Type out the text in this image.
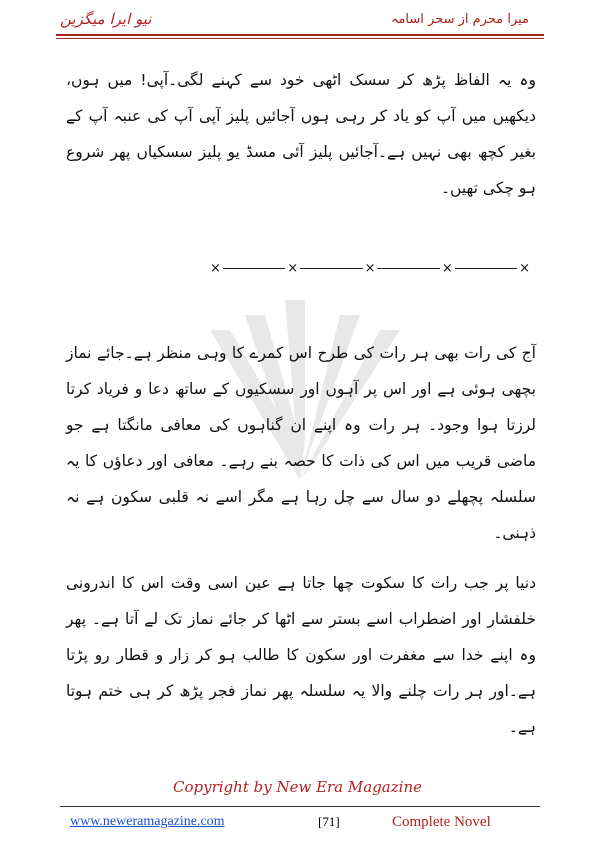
نیو ایرا میگزین	میرا محرم از سحر اسامہ
وہ یہ الفاظ پڑھ کر سسک اٹھی خود سے کہنے لگی۔آپی! میں ہوں، دیکھیں میں آپ کو یاد کر رہی ہوں آجائیں پلیز آپی آپ کی عنبہ آپ کے بغیر کچھ بھی نہیں ہے۔آجائیں پلیز آئی مسڈ یو پلیز سسکیاں پھر شروع ہو چکی تھیں۔
×	×	×	×	×
آج کی رات بھی ہر رات کی طرح اس کمرے کا وہی منظر ہے۔جائے نماز بچھی ہوئی ہے اور اس پر آہوں اور سسکیوں کے ساتھ دعا و فریاد کرتا لرزتا ہوا وجود۔ ہر رات وہ اپنے ان گناہوں کی معافی مانگتا ہے جو ماضی قریب میں اس کی ذات کا حصہ بنے رہے۔ معافی اور دعاؤں کا یہ سلسلہ پچھلے دو سال سے چل رہا ہے مگر اسے نہ قلبی سکون ہے نہ ذہنی۔
دنیا پر جب رات کا سکوت چھا جاتا ہے عین اسی وقت اس کا اندرونی خلفشار اور اضطراب اسے بستر سے اٹھا کر جائے نماز تک لے آتا ہے۔ پھر وہ اپنے خدا سے مغفرت اور سکون کا طالب ہو کر زار و قطار رو پڑتا ہے۔اور ہر رات چلنے والا یہ سلسلہ پھر نماز فجر پڑھ کر ہی ختم ہوتا ہے۔
Copyright by New Era Magazine
www.neweramagazine.com	[71]	Complete Novel
